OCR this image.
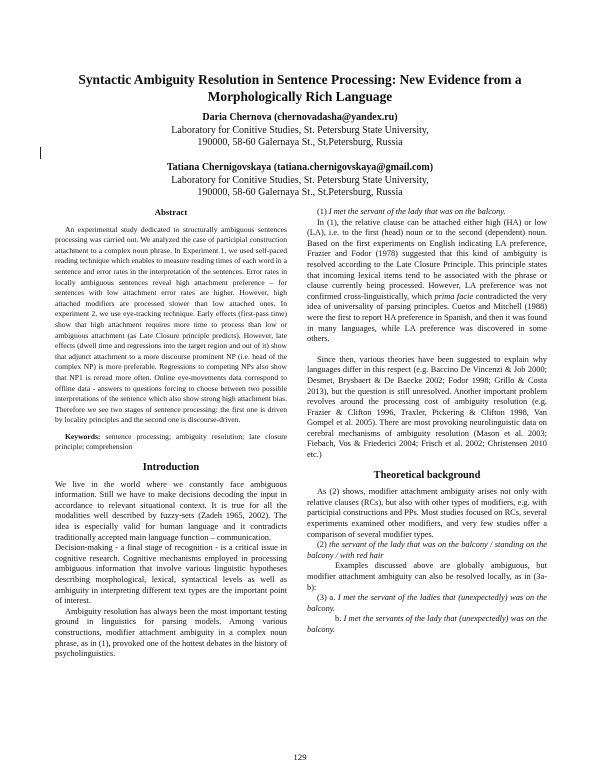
Syntactic Ambiguity Resolution in Sentence Processing: New Evidence from a Morphologically Rich Language
Daria Chernova (chernovadasha@yandex.ru)
Laboratory for Conitive Studies, St. Petersburg State University,
190000, 58-60 Galernaya St., St.Petersburg, Russia
Tatiana Chernigovskaya (tatiana.chernigovskaya@gmail.com)
Laboratory for Conitive Studies, St. Petersburg State University,
190000, 58-60 Galernaya St., St.Petersburg, Russia
Abstract

An experimental study dedicated to structurally ambiguous sentences processing was carried out. We analyzed the case of participial construction attachment to a complex noun phrase. In Experiment 1, we used self-paced reading technique which enables to measure reading times of each word in a sentence and error rates in the interpretation of the sentences. Error rates in locally ambiguous sentences reveal high attachment preference – for sentences with low attachment error rates are higher. However, high attached modifiers are processed slower than low attached ones. In experiment 2, we use eye-tracking technique. Early effects (first-pass time) show that high attachment requires more time to process than low or ambiguous attachment (as Late Closure principle predicts). However, late effects (dwell time and regressions into the target region and out of it) show that adjunct attachment to a more discourse prominent NP (i.e. head of the complex NP) is more preferable. Regressions to competing NPs also show that NP1 is reread more often. Online eye-movements data correspond to offline data - answers to questions forcing to choose between two possible interpretations of the sentence which also show strong high attachment bias. Therefore we see two stages of sentence processing: the first one is driven by locality principles and the second one is discourse-driven.

Keywords: sentence processing; ambiguity resolution; late closure principle; comprehension

Introduction

We live in the world where we constantly face ambiguous information. Still we have to make decisions decoding the input in accordance to relevant situational context. It is true for all the modalities well described by fuzzy-sets (Zadeh 1965, 2002). The idea is especially valid for human language and it contradicts traditionally accepted main language function – communication.

Decision-making - a final stage of recognition - is a critical issue in cognitive research. Cognitive mechanisms employed in processing ambiguous information that involve various linguistic hypotheses describing morphological, lexical, syntactical levels as well as ambiguity in interpreting different text types are the important point of interest.

Ambiguity resolution has always been the most important testing ground in linguistics for parsing models. Among various constructions, modifier attachment ambiguity in a complex noun phrase, as in (1), provoked one of the hottest debates in the history of psycholinguistics.

(1) I met the servant of the lady that was on the balcony.

In (1), the relative clause can be attached either high (HA) or low (LA), i.e. to the first (head) noun or to the second (dependent) noun. Based on the first experiments on English indicating LA preference, Frazier and Fodor (1978) suggested that this kind of ambiguity is resolved according to the Late Closure Principle. This principle states that incoming lexical items tend to be associated with the phrase or clause currently being processed. However, LA preference was not confirmed cross-linguistically, which prima facie contradicted the very idea of universality of parsing principles. Cuetos and Mitchell (1988) were the first to report HA preference in Spanish, and then it was found in many languages, while LA preference was discovered in some others.

Since then, various theories have been suggested to explain why languages differ in this respect (e.g. Baccino De Vincenzi & Job 2000; Desmet, Brysbaert & De Baecke 2002; Fodor 1998; Grillo & Costa 2013), but the question is still unresolved. Another important problem revolves around the processing cost of ambiguity resolution (e.g. Frazier & Clifton 1996, Traxler, Pickering & Clifton 1998, Van Gompel et al. 2005). There are most provoking neurolinguistic data on cerebral mechanisms of ambiguity resolution (Mason et al. 2003; Fiebach, Vos & Friederici 2004; Frisch et al. 2002; Christensen 2010 etc.)

Theoretical background

As (2) shows, modifier attachment ambiguity arises not only with relative clauses (RCs), but also with other types of modifiers, e.g. with participial constructions and PPs. Most studies focused on RCs, several experiments examined other modifiers, and very few studies offer a comparison of several modifier types.

(2) the servant of the lady that was on the balcony / standing on the balcony / with red hair

Examples discussed above are globally ambiguous, but modifier attachment ambiguity can also be resolved locally, as in (3a-b):

(3) a. I met the servant of the ladies that (unexpectedly) was on the balcony.

b. I met the servants of the lady that (unexpectedly) was on the balcony.

129
